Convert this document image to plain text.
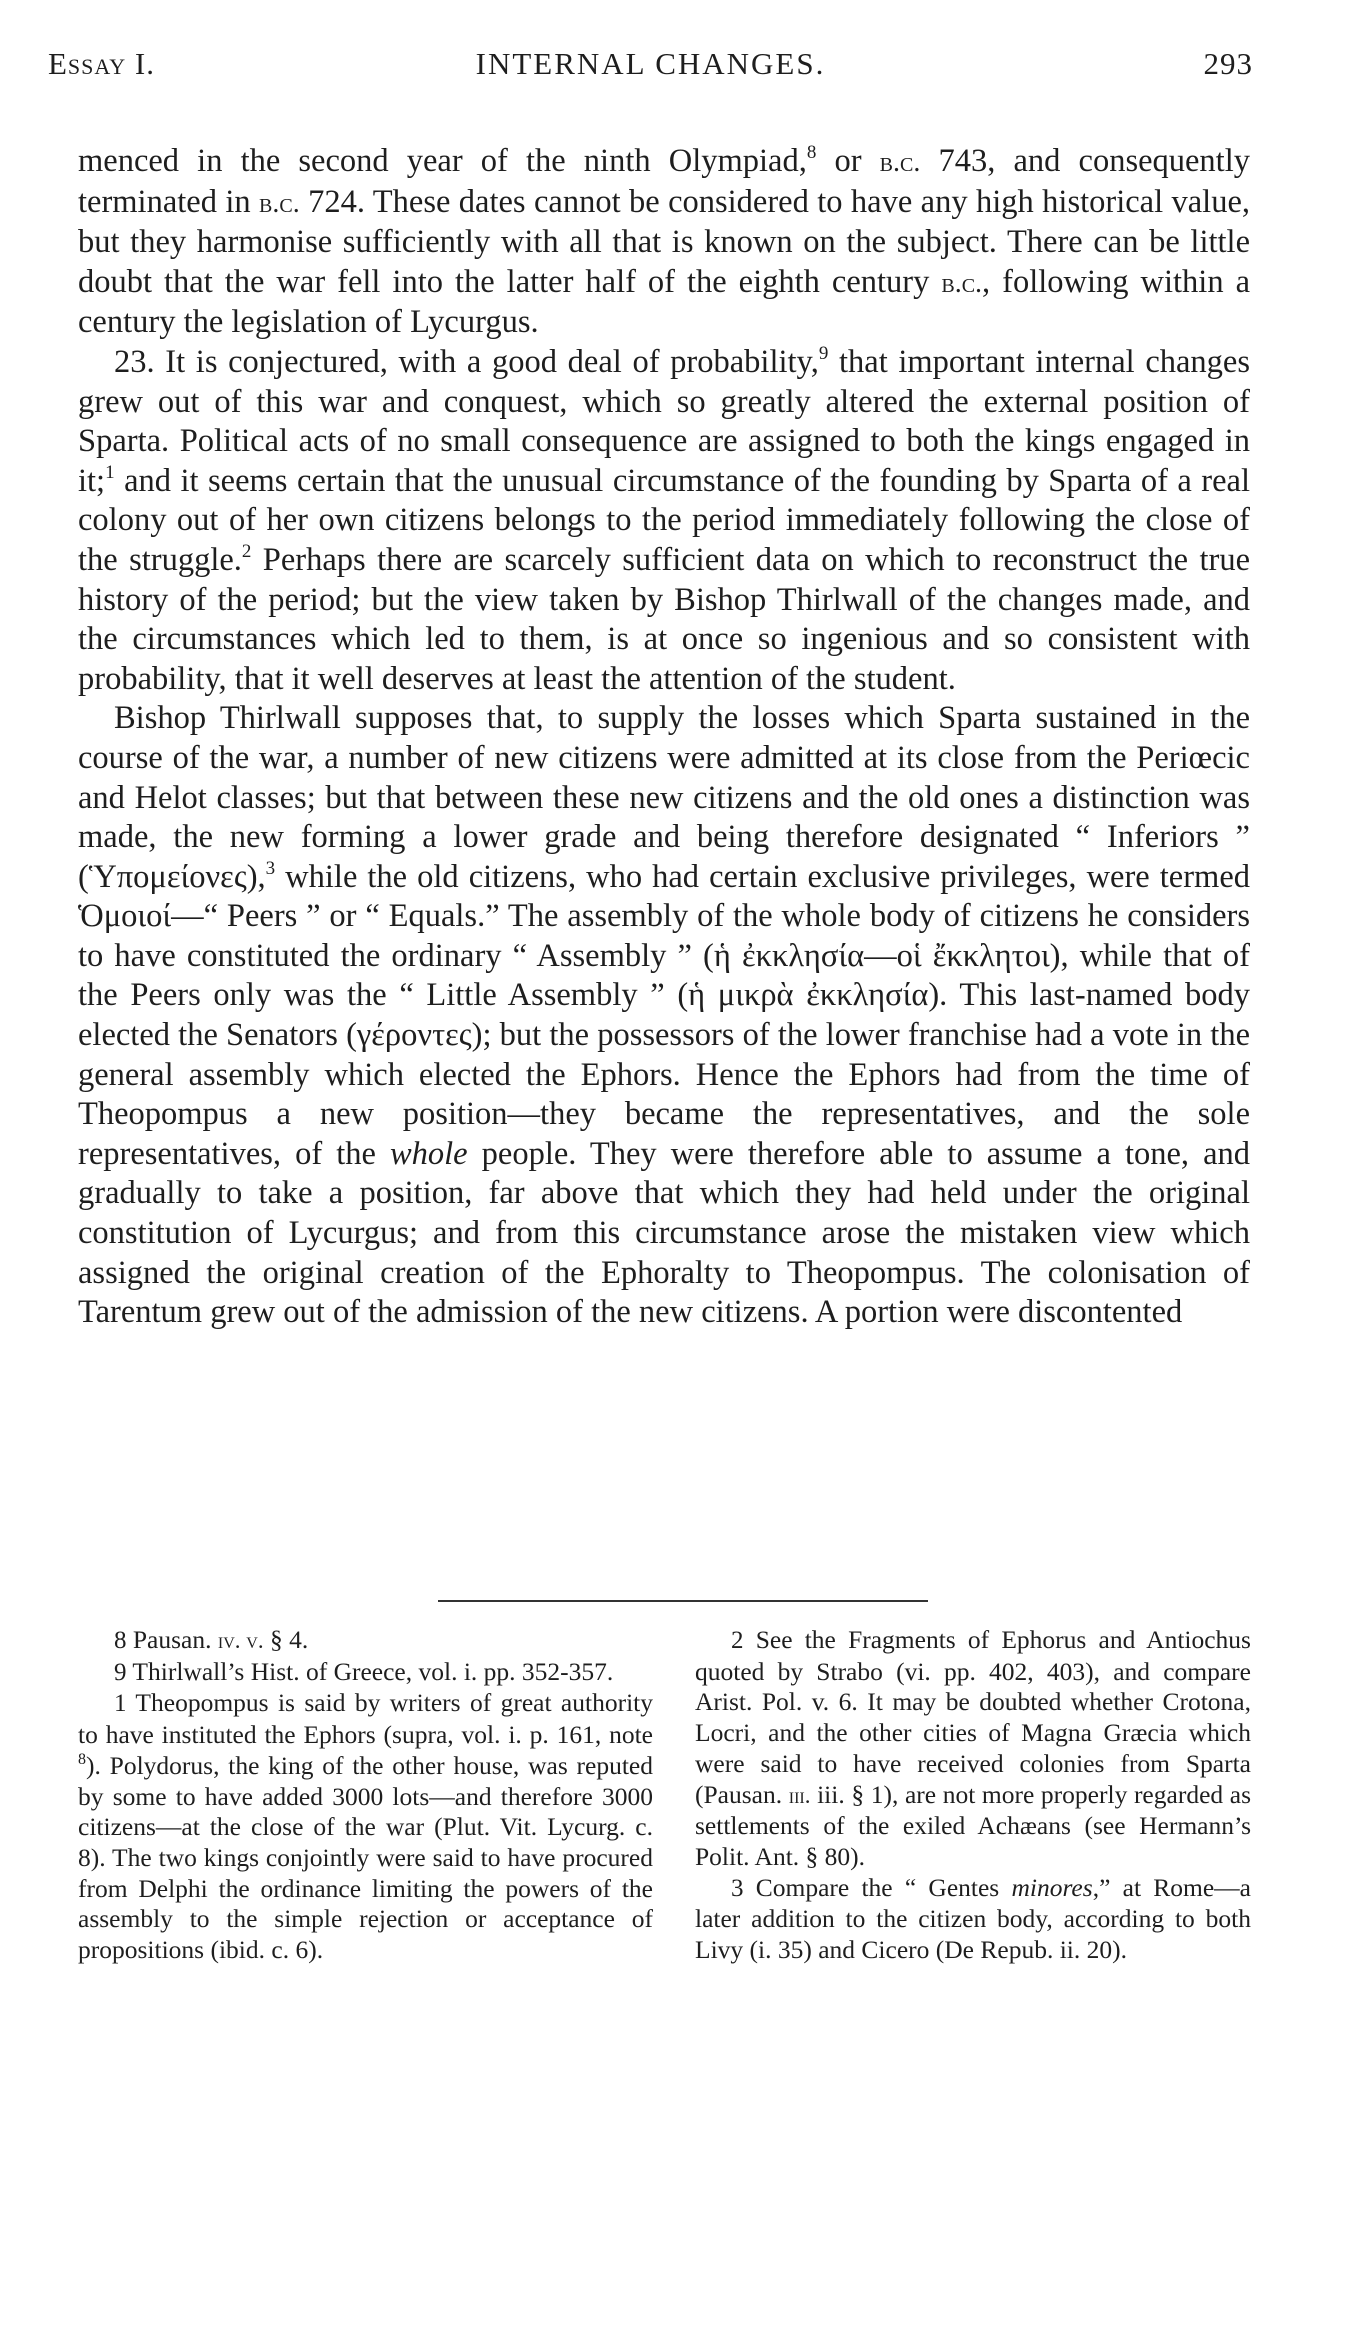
Essay I.	INTERNAL CHANGES.	293

menced in the second year of the ninth Olympiad,$^8$ or b.c. 743, and consequently terminated in b.c. 724. These dates cannot be considered to have any high historical value, but they harmonise sufficiently with all that is known on the subject. There can be little doubt that the war fell into the latter half of the eighth century b.c., following within a century the legislation of Lycurgus.

23. It is conjectured, with a good deal of probability,$^9$ that important internal changes grew out of this war and conquest, which so greatly altered the external position of Sparta. Political acts of no small consequence are assigned to both the kings engaged in it;$^1$ and it seems certain that the unusual circumstance of the founding by Sparta of a real colony out of her own citizens belongs to the period immediately following the close of the struggle.$^2$ Perhaps there are scarcely sufficient data on which to reconstruct the true history of the period; but the view taken by Bishop Thirlwall of the changes made, and the circumstances which led to them, is at once so ingenious and so consistent with probability, that it well deserves at least the attention of the student.

Bishop Thirlwall supposes that, to supply the losses which Sparta sustained in the course of the war, a number of new citizens were admitted at its close from the Periœcic and Helot classes; but that between these new citizens and the old ones a distinction was made, the new forming a lower grade and being therefore designated “ Inferiors ” (Ὑπομείονες),$^3$ while the old citizens, who had certain exclusive privileges, were termed Ὁμοιοί—“ Peers ” or “ Equals.” The assembly of the whole body of citizens he considers to have constituted the ordinary “ Assembly ” (ἡ ἐκκλησία—οἱ ἔκκλητοι), while that of the Peers only was the “ Little Assembly ” (ἡ μικρὰ ἐκκλησία). This last-named body elected the Senators (γέροντες); but the possessors of the lower franchise had a vote in the general assembly which elected the Ephors. Hence the Ephors had from the time of Theopompus a new position—they became the representatives, and the sole representatives, of the whole people. They were therefore able to assume a tone, and gradually to take a position, far above that which they had held under the original constitution of Lycurgus; and from this circumstance arose the mistaken view which assigned the original creation of the Ephoralty to Theopompus. The colonisation of Tarentum grew out of the admission of the new citizens. A portion were discontented

8 Pausan. iv. v. § 4.

9 Thirlwall’s Hist. of Greece, vol. i. pp. 352-357.

1 Theopompus is said by writers of great authority to have instituted the Ephors (supra, vol. i. p. 161, note $^8$). Polydorus, the king of the other house, was reputed by some to have added 3000 lots—and therefore 3000 citizens—at the close of the war (Plut. Vit. Lycurg. c. 8). The two kings conjointly were said to have procured from Delphi the ordinance limiting the powers of the assembly to the simple rejection or acceptance of propositions (ibid. c. 6).

2 See the Fragments of Ephorus and Antiochus quoted by Strabo (vi. pp. 402, 403), and compare Arist. Pol. v. 6. It may be doubted whether Crotona, Locri, and the other cities of Magna Græcia which were said to have received colonies from Sparta (Pausan. iii. iii. § 1), are not more properly regarded as settlements of the exiled Achæans (see Hermann’s Polit. Ant. § 80).

3 Compare the “ Gentes minores,” at Rome—a later addition to the citizen body, according to both Livy (i. 35) and Cicero (De Repub. ii. 20).
